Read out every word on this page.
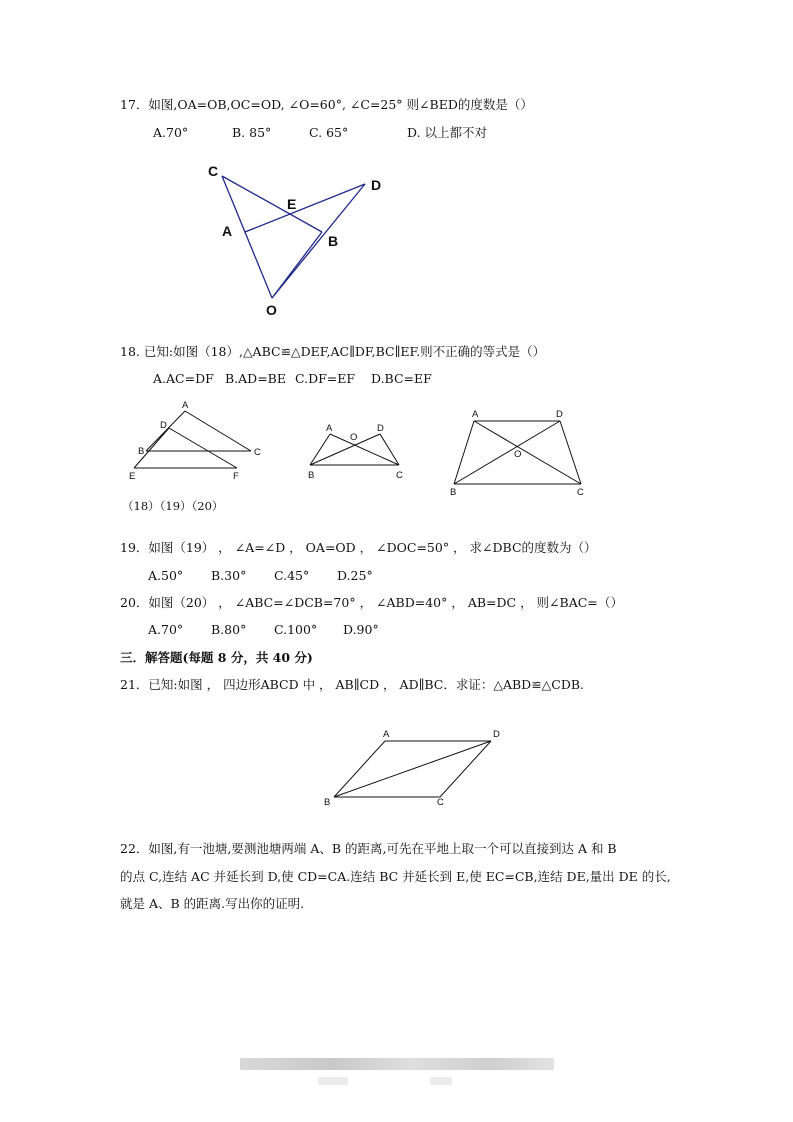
17．如图,OA=OB,OC=OD, ∠O=60°, ∠C=25° 则∠BED的度数是（）
A.70°	B. 85°	C. 65°	D. 以上都不对
C
D
E
A
B
O
18. 已知:如图（18）,△ABC≌△DEF,AC∥DF,BC∥EF.则不正确的等式是（）
A.AC=DF B.AD=BE C.DF=EF D.BC=EF
A
D
B	C
E	F
A
O
D
B	C
A	D
O
B	C
（18）（19）（20）
19．如图（19） ， ∠A=∠D ， OA=OD ， ∠DOC=50° ， 求∠DBC的度数为（）
A.50° B.30° C.45° D.25°
20．如图（20） ， ∠ABC=∠DCB=70° ， ∠ABD=40° ， AB=DC ， 则∠BAC= （）
A.70° B.80° C.100° D.90°
三．解答题(每题 8 分，共 40 分)
21．已知:如图 ， 四边形ABCD 中 ， AB∥CD ， AD∥BC．求证：△ABD≌△CDB.
A	D
B	C
22．如图,有一池塘,要测池塘两端 A、B 的距离,可先在平地上取一个可以直接到达 A 和 B
的点 C,连结 AC 并延长到 D,使 CD=CA.连结 BC 并延长到 E,使 EC=CB,连结 DE,量出 DE 的长,
就是 A、B 的距离.写出你的证明.
